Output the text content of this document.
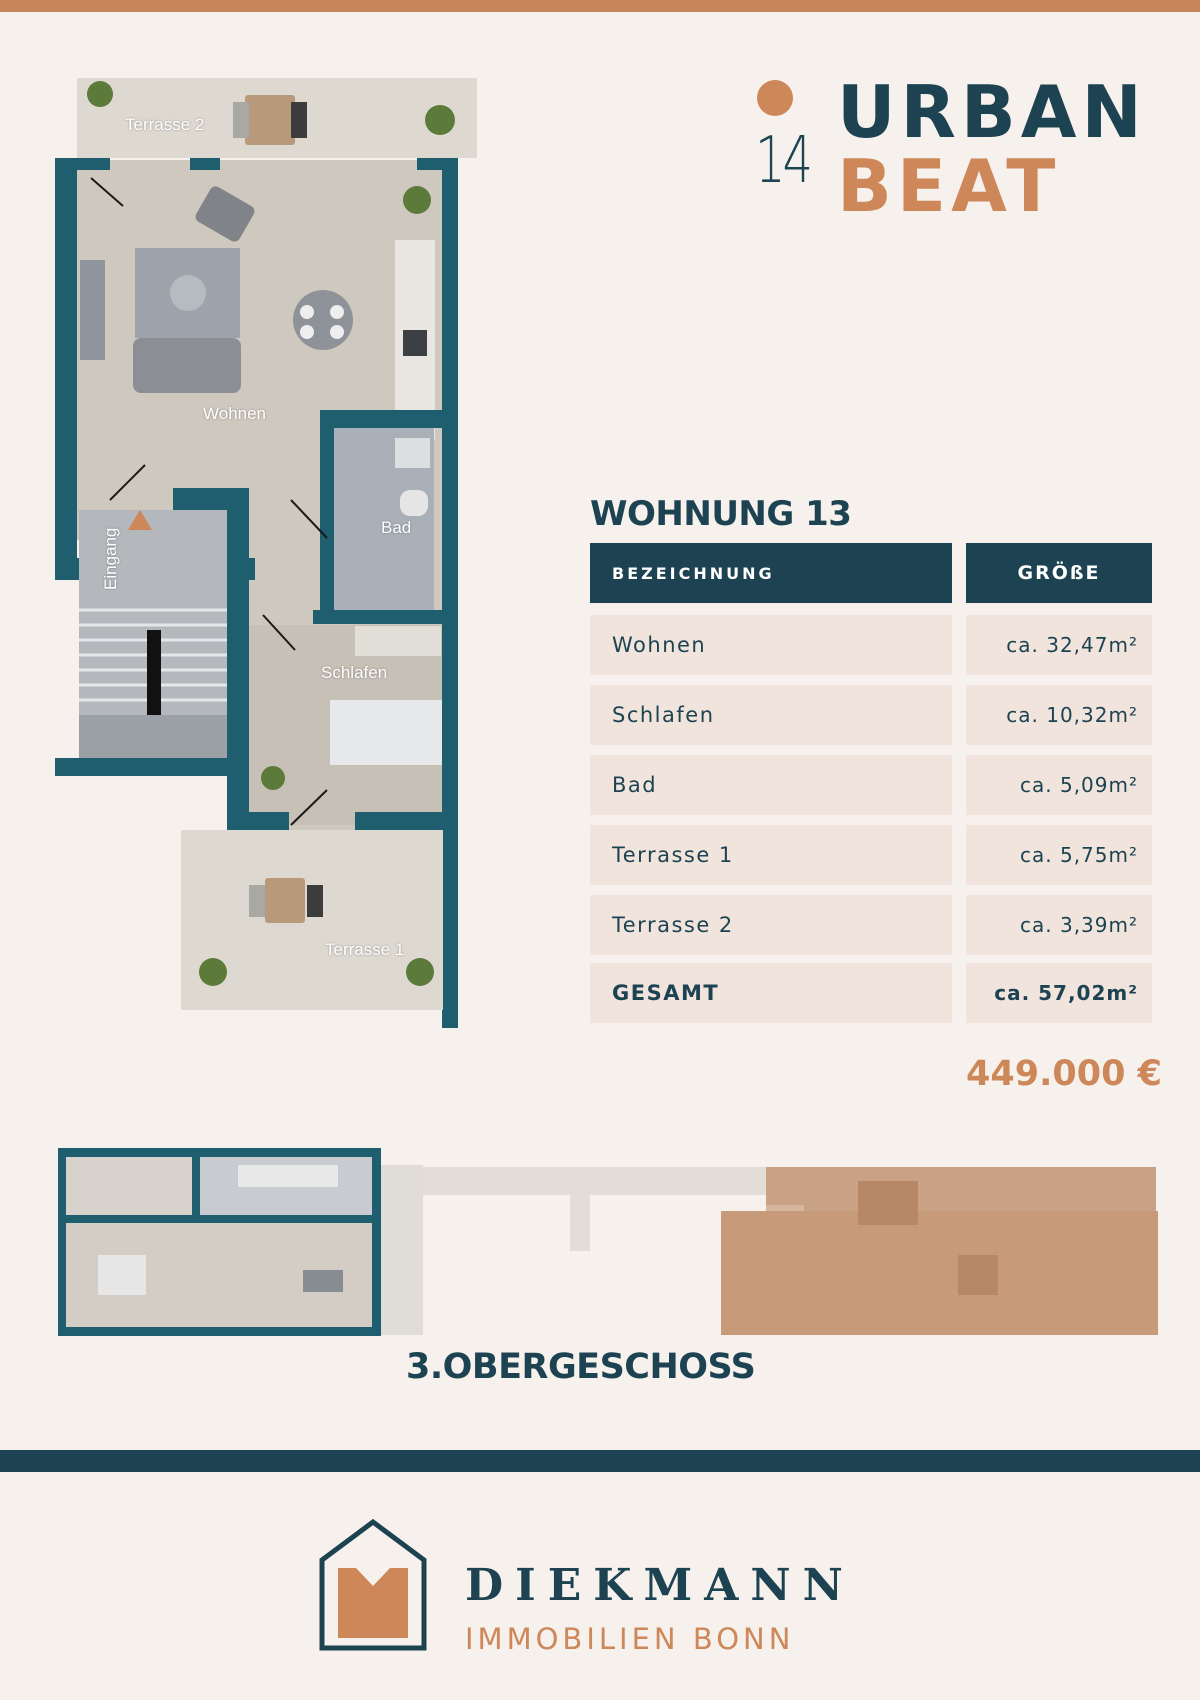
14
URBAN
BEAT
Terrasse 2
Wohnen
Bad
Eingang
Schlafen
Terrasse 1
WOHNUNG 13
BEZEICHNUNG	GRÖßE
Wohnen	ca. 32,47m²
Schlafen	ca. 10,32m²
Bad	ca. 5,09m²
Terrasse 1	ca. 5,75m²
Terrasse 2	ca. 3,39m²
GESAMT	ca. 57,02m²
449.000 €
3.OBERGESCHOSS
DIEKMANN
IMMOBILIEN BONN
